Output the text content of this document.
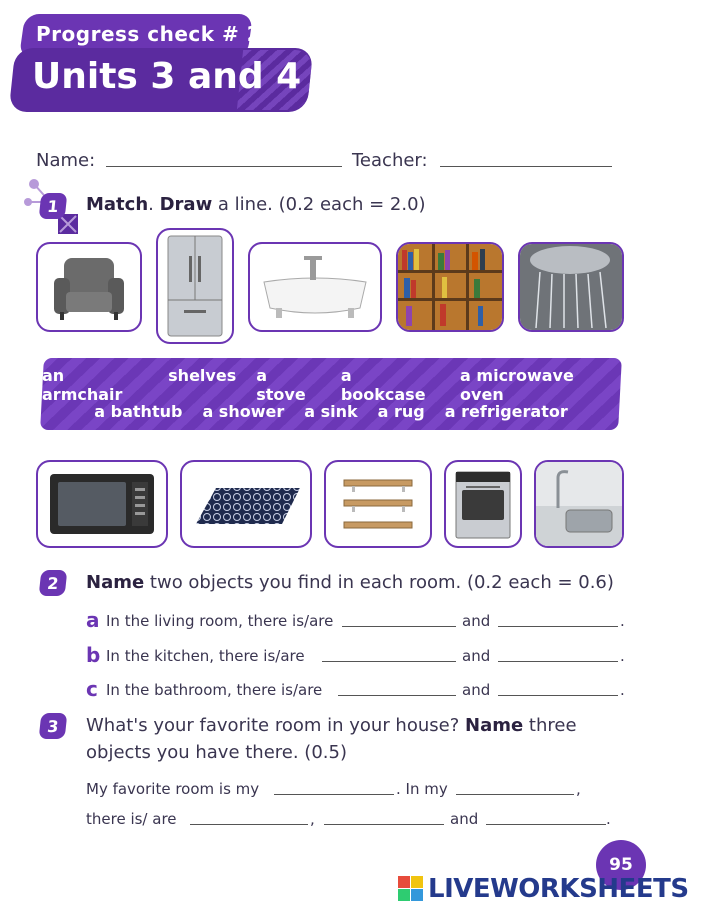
Progress check # 2
Units 3 and 4
Name:	Teacher:
1	Match. Draw a line. (0.2 each = 2.0)
an armchair
shelves a stove
a bookcase
a microwave oven
a bathtub a shower a sink a rug a refrigerator
2	Name two objects you find in each room. (0.2 each = 0.6)
a In the living room, there is/are	and	.
b In the kitchen, there is/are	and	.
c In the bathroom, there is/are	and	.
3	What's your favorite room in your house? Name three
objects you have there. (0.5)
My favorite room is my	. In my	,
there is/ are	,	and	.
95
LIVEWORKSHEETS
